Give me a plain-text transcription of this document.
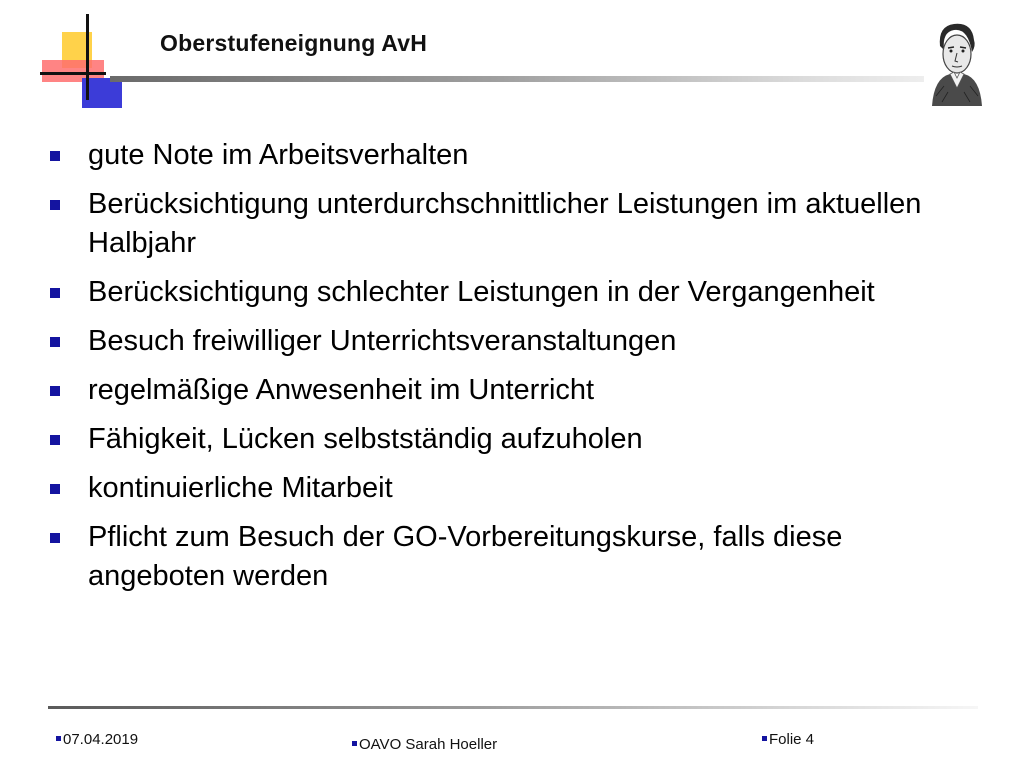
Oberstufeneignung AvH
gute Note im Arbeitsverhalten
Berücksichtigung unterdurchschnittlicher Leistungen im aktuellen Halbjahr
Berücksichtigung schlechter Leistungen in der Vergangenheit
Besuch freiwilliger Unterrichtsveranstaltungen
regelmäßige Anwesenheit im Unterricht
Fähigkeit, Lücken selbstständig aufzuholen
kontinuierliche Mitarbeit
Pflicht zum Besuch der GO-Vorbereitungskurse, falls diese angeboten werden
07.04.2019	OAVO Sarah Hoeller	Folie 4
